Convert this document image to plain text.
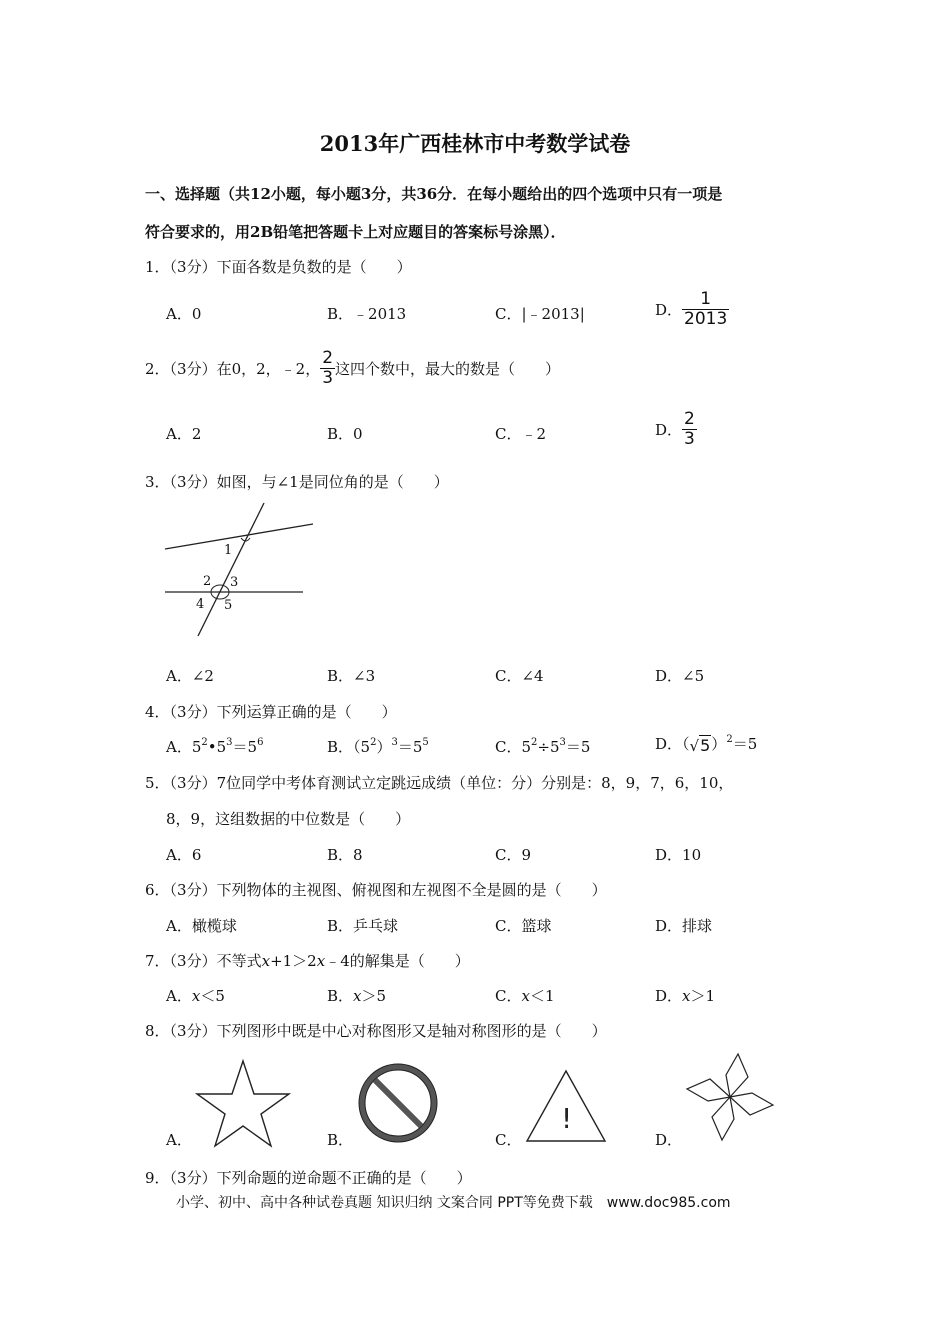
2013年广西桂林市中考数学试卷
一、选择题（共12小题，每小题3分，共36分．在每小题给出的四个选项中只有一项是
符合要求的，用2B铅笔把答题卡上对应题目的答案标号涂黑）．
1．（3分）下面各数是负数的是（　　）
A．0	B．﹣2013	C．|﹣2013|	D． $\frac{1}{2013}$
2．（3分）在0，2，﹣2， $\frac{2}{3}$ 这四个数中，最大的数是（　　）
A．2	B．0	C．﹣2	D． $\frac{2}{3}$
3．（3分）如图，与∠1是同位角的是（　　）
1
2 3
4 5
A．∠2	B．∠3	C．∠4	D．∠5
4．（3分）下列运算正确的是（　　）
A．$5^2•5^3=5^6$	B．$(5^2)^3=5^5$	C．$5^2\div 5^3=5$	D．$(√5)^2=5$
5．（3分）7位同学中考体育测试立定跳远成绩（单位：分）分别是：8，9，7，6，10，
8，9，这组数据的中位数是（　　）
A．6	B．8	C．9	D．10
6．（3分）下列物体的主视图、俯视图和左视图不全是圆的是（　　）
A．橄榄球	B．乒乓球	C．篮球	D．排球
7．（3分）不等式x+1＞2x﹣4的解集是（　　）
A．x＜5	B．x＞5	C．x＜1	D．x＞1
8．（3分）下列图形中既是中心对称图形又是轴对称图形的是（　　）
A．	B．	C．
!
D．
9．（3分）下列命题的逆命题不正确的是（　　）
小学、初中、高中各种试卷真题 知识归纳 文案合同 PPT等免费下载　www.doc985.com
